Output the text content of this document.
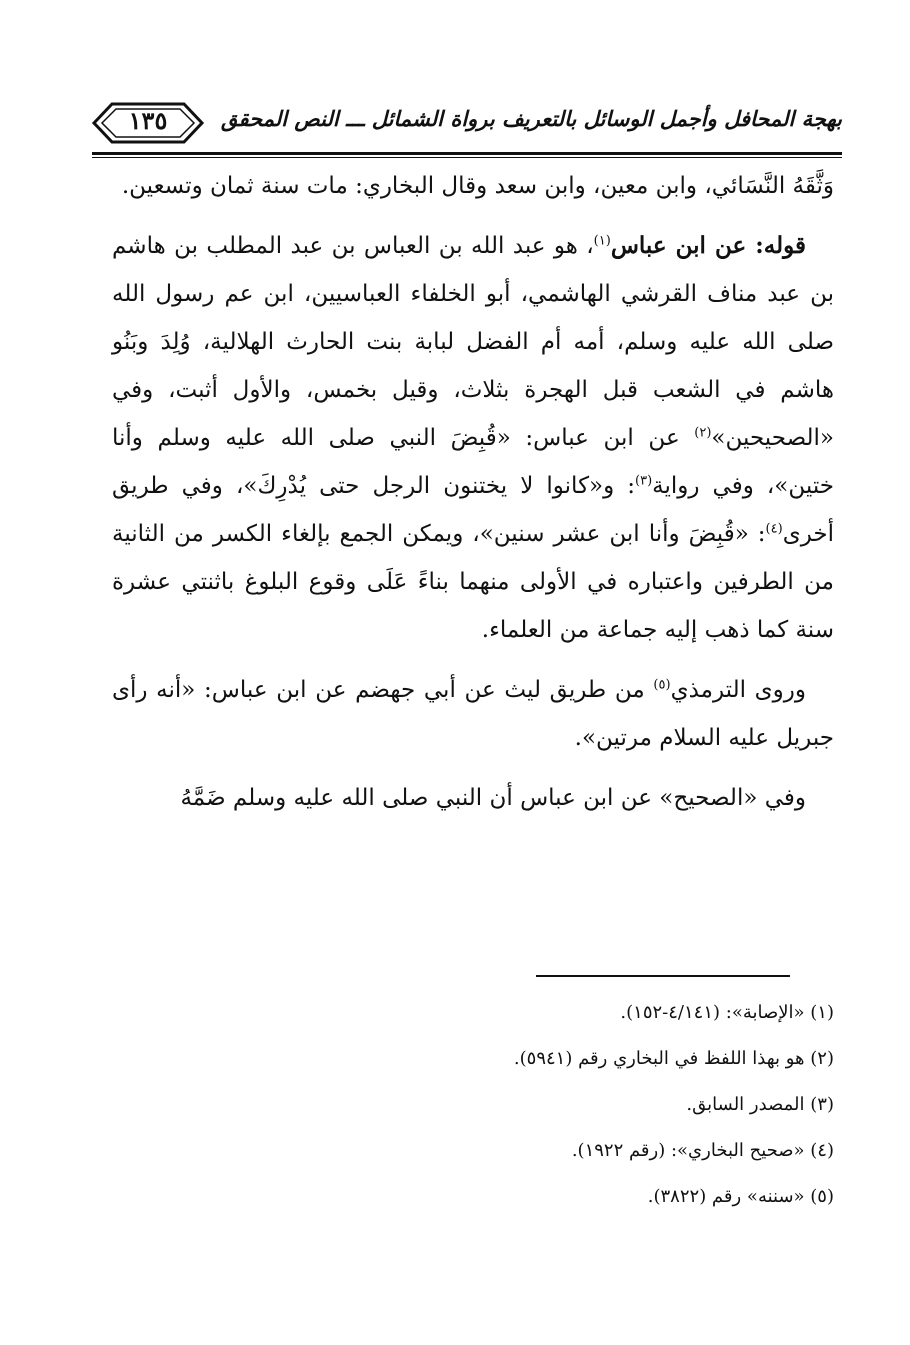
١٣٥	بهجة المحافل وأجمل الوسائل بالتعريف برواة الشمائل ـــ النص المحقق

وَثَّقَهُ النَّسَائي، وابن معين، وابن سعد وقال البخاري: مات سنة ثمان وتسعين.

قوله: عن ابن عباس$^{(١)}$، هو عبد الله بن العباس بن عبد المطلب بن هاشم بن عبد مناف القرشي الهاشمي، أبو الخلفاء العباسيين، ابن عم رسول الله صلى الله عليه وسلم، أمه أم الفضل لبابة بنت الحارث الهلالية، وُلِدَ وبَنُو هاشم في الشعب قبل الهجرة بثلاث، وقيل بخمس، والأول أثبت، وفي «الصحيحين»$^{(٢)}$ عن ابن عباس: «قُبِضَ النبي صلى الله عليه وسلم وأنا ختين»، وفي رواية$^{(٣)}$: و«كانوا لا يختنون الرجل حتى يُدْرِكَ»، وفي طريق أخرى$^{(٤)}$: «قُبِضَ وأنا ابن عشر سنين»، ويمكن الجمع بإلغاء الكسر من الثانية من الطرفين واعتباره في الأولى منهما بناءً عَلَى وقوع البلوغ باثنتي عشرة سنة كما ذهب إليه جماعة من العلماء.

وروى الترمذي$^{(٥)}$ من طريق ليث عن أبي جهضم عن ابن عباس: «أنه رأى جبريل عليه السلام مرتين».

وفي «الصحيح» عن ابن عباس أن النبي صلى الله عليه وسلم ضَمَّهُ

(١) «الإصابة»: (٤/١٤١-١٥٢).
(٢) هو بهذا اللفظ في البخاري رقم (٥٩٤١).
(٣) المصدر السابق.
(٤) «صحيح البخاري»: (رقم ١٩٢٢).
(٥) «سننه» رقم (٣٨٢٢).
